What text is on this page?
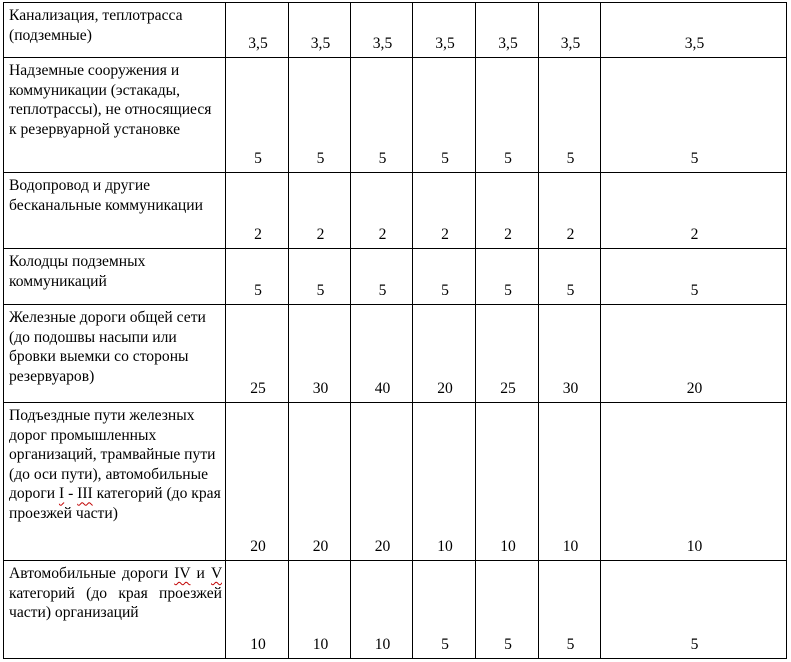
Канализация, теплотрасса (подземные)	3,5	3,5	3,5	3,5	3,5	3,5	3,5
Надземные сооружения и коммуникации (эстакады, теплотрассы), не относящиеся к резервуарной установке	5	5	5	5	5	5	5
Водопровод и другие бесканальные коммуникации	2	2	2	2	2	2	2
Колодцы подземных коммуникаций	5	5	5	5	5	5	5
Железные дороги общей сети (до подошвы насыпи или бровки выемки со стороны резервуаров)	25	30	40	20	25	30	20
Подъездные пути железных дорог промышленных организаций, трамвайные пути (до оси пути), автомобильные дороги I - III категорий (до края проезжей части)	20	20	20	10	10	10	10
Автомобильные дороги IV и V категорий (до края проезжей части) организаций	10	10	10	5	5	5	5
